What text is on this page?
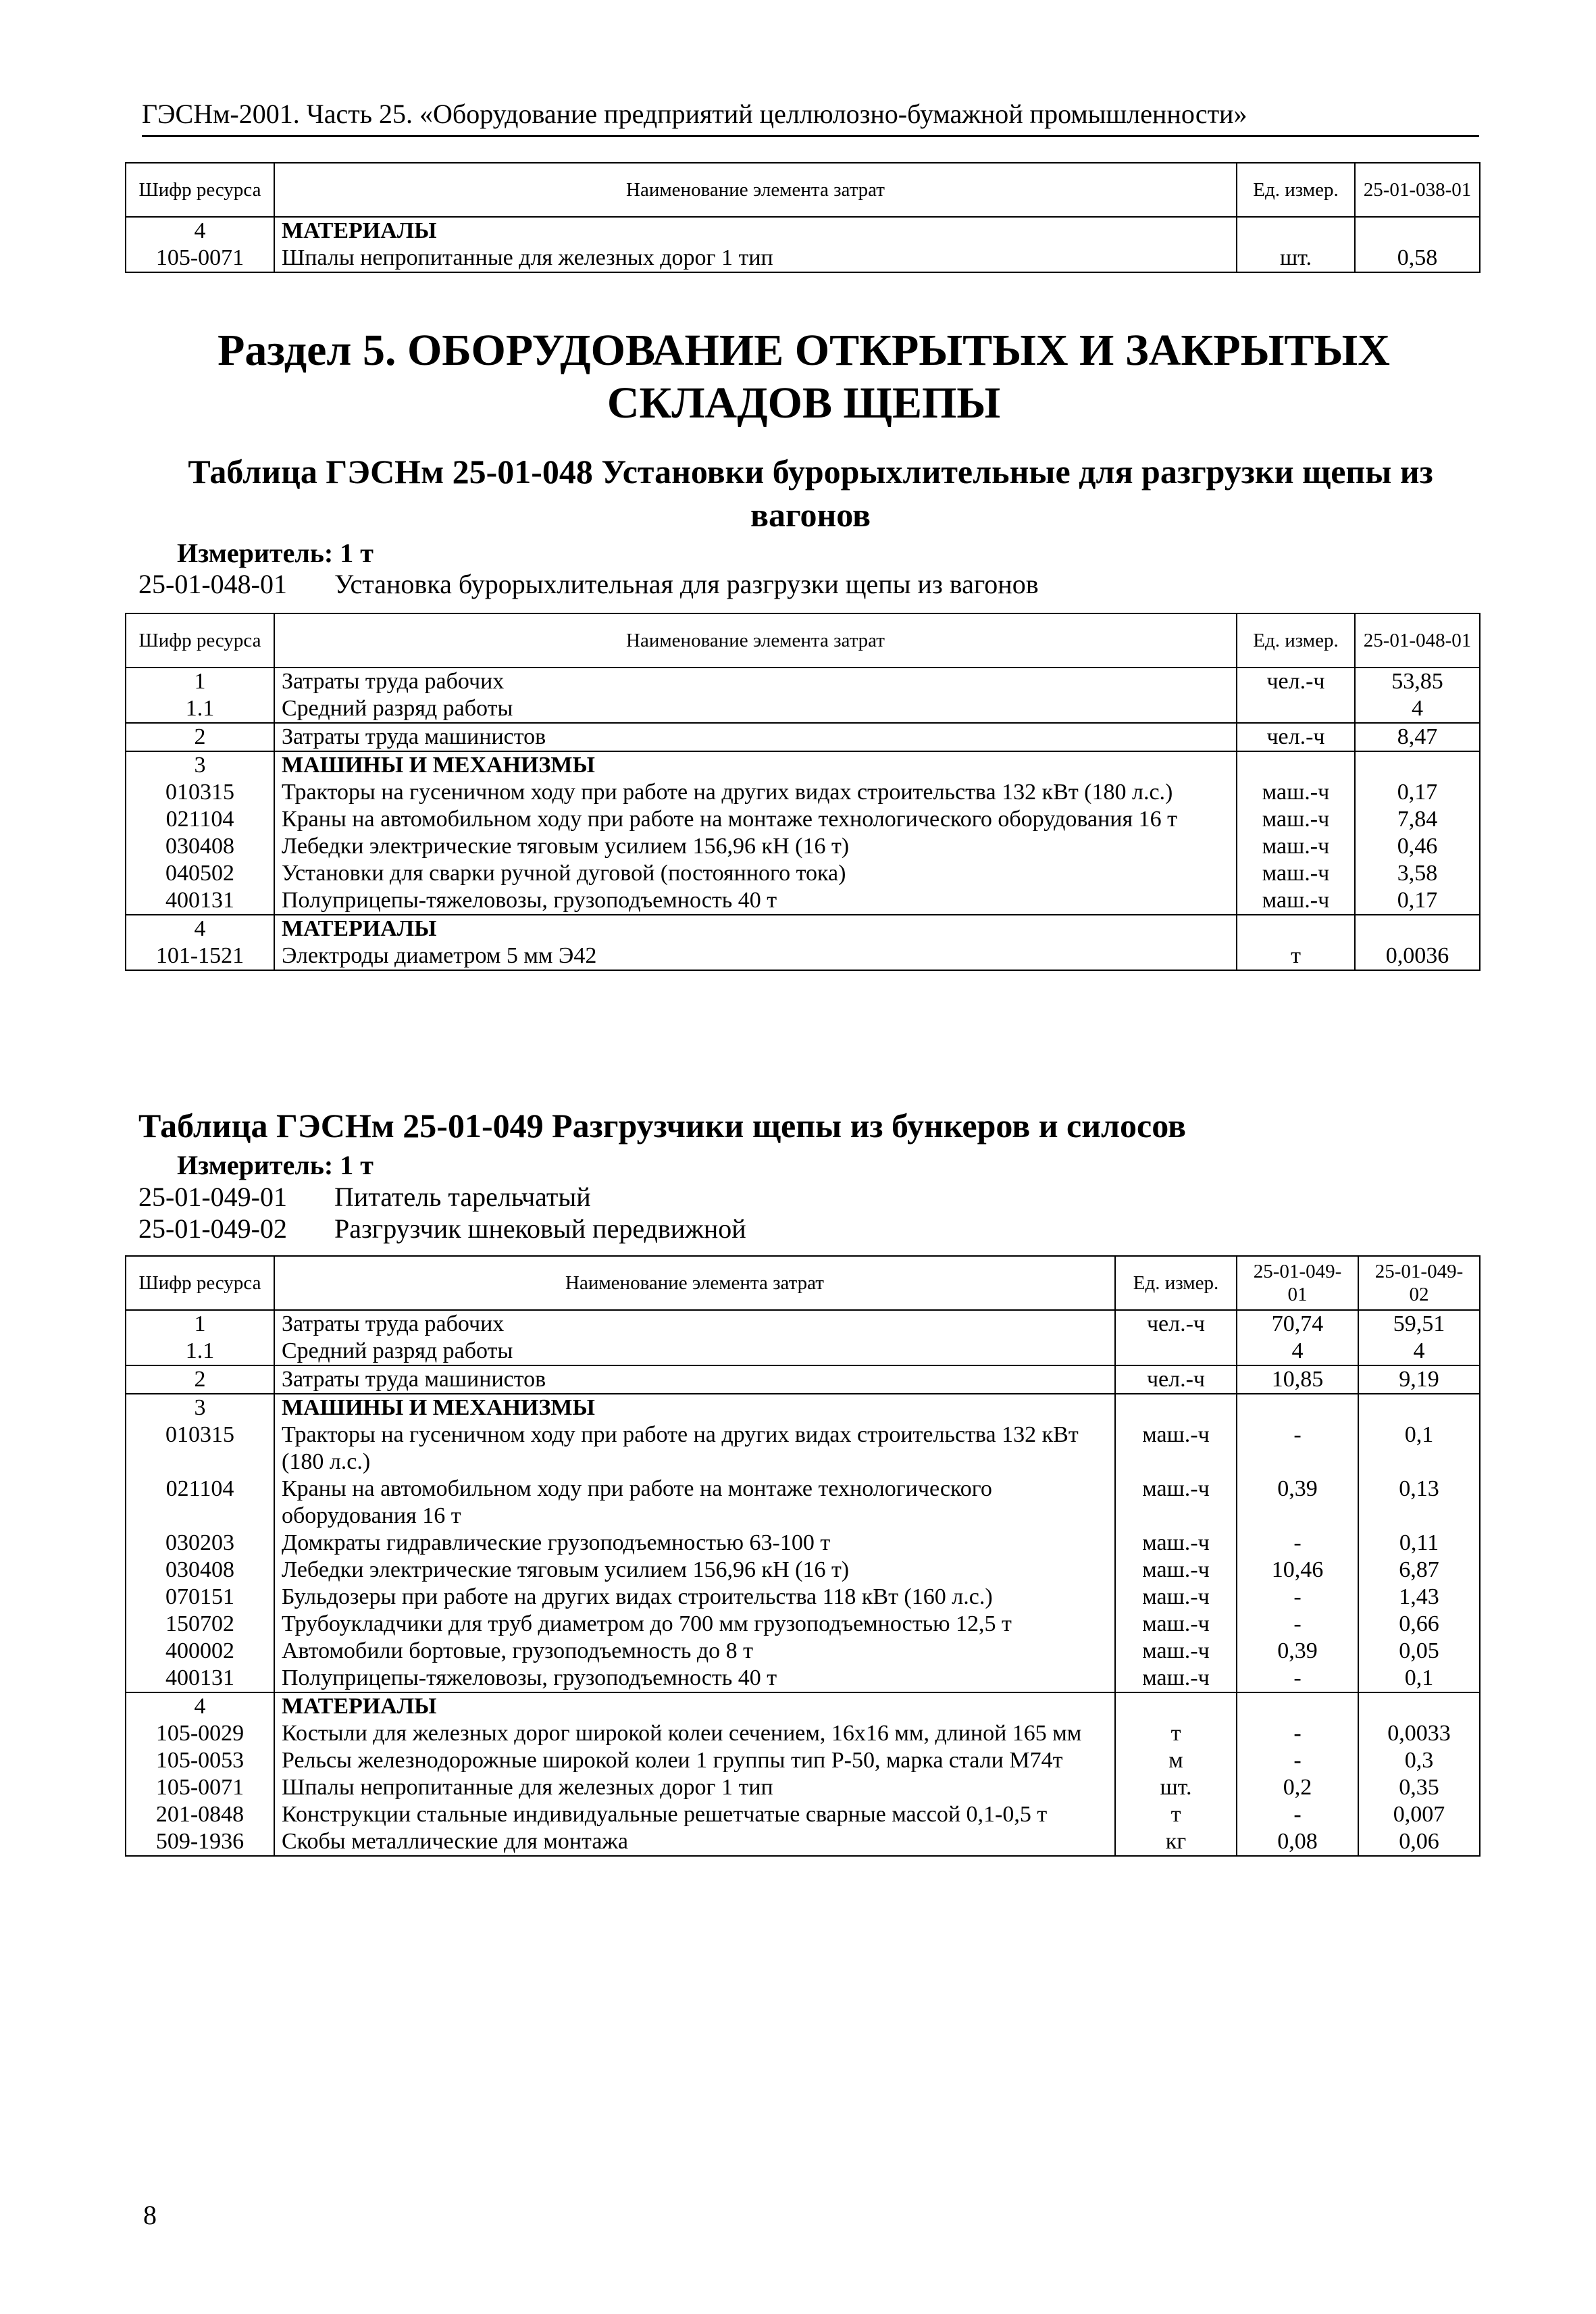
ГЭСНм-2001. Часть 25. «Оборудование предприятий целлюлозно-бумажной промышленности»
Шифр ресурса	Наименование элемента затрат	Ед. измер.	25-01-038-01
4	МАТЕРИАЛЫ		
105-0071	Шпалы непропитанные для железных дорог 1 тип	шт.	0,58
Раздел 5. ОБОРУДОВАНИЕ ОТКРЫТЫХ И ЗАКРЫТЫХ СКЛАДОВ ЩЕПЫ
Таблица ГЭСНм 25-01-048 Установки бурорыхлительные для разгрузки щепы из вагонов
Измеритель: 1 т
25-01-048-01 Установка бурорыхлительная для разгрузки щепы из вагонов
Шифр ресурса	Наименование элемента затрат	Ед. измер.	25-01-048-01
1	Затраты труда рабочих	чел.-ч	53,85
1.1	Средний разряд работы		4
2	Затраты труда машинистов	чел.-ч	8,47
3	МАШИНЫ И МЕХАНИЗМЫ		
010315	Тракторы на гусеничном ходу при работе на других видах строительства 132 кВт (180 л.с.)	маш.-ч	0,17
021104	Краны на автомобильном ходу при работе на монтаже технологического оборудования 16 т	маш.-ч	7,84
030408	Лебедки электрические тяговым усилием 156,96 кН (16 т)	маш.-ч	0,46
040502	Установки для сварки ручной дуговой (постоянного тока)	маш.-ч	3,58
400131	Полуприцепы-тяжеловозы, грузоподъемность 40 т	маш.-ч	0,17
4	МАТЕРИАЛЫ		
101-1521	Электроды диаметром 5 мм Э42	т	0,0036
Таблица ГЭСНм 25-01-049 Разгрузчики щепы из бункеров и силосов
Измеритель: 1 т
25-01-049-01 Питатель тарельчатый
25-01-049-02 Разгрузчик шнековый передвижной
Шифр ресурса	Наименование элемента затрат	Ед. измер.	25-01-049-01	25-01-049-02
1	Затраты труда рабочих	чел.-ч	70,74	59,51
1.1	Средний разряд работы		4	4
2	Затраты труда машинистов	чел.-ч	10,85	9,19
3	МАШИНЫ И МЕХАНИЗМЫ			
010315	Тракторы на гусеничном ходу при работе на других видах строительства 132 кВт (180 л.с.)	маш.-ч	-	0,1
021104	Краны на автомобильном ходу при работе на монтаже технологического оборудования 16 т	маш.-ч	0,39	0,13
030203	Домкраты гидравлические грузоподъемностью 63-100 т	маш.-ч	-	0,11
030408	Лебедки электрические тяговым усилием 156,96 кН (16 т)	маш.-ч	10,46	6,87
070151	Бульдозеры при работе на других видах строительства 118 кВт (160 л.с.)	маш.-ч	-	1,43
150702	Трубоукладчики для труб диаметром до 700 мм грузоподъемностью 12,5 т	маш.-ч	-	0,66
400002	Автомобили бортовые, грузоподъемность до 8 т	маш.-ч	0,39	0,05
400131	Полуприцепы-тяжеловозы, грузоподъемность 40 т	маш.-ч	-	0,1
4	МАТЕРИАЛЫ			
105-0029	Костыли для железных дорог широкой колеи сечением, 16х16 мм, длиной 165 мм	т	-	0,0033
105-0053	Рельсы железнодорожные широкой колеи 1 группы тип Р-50, марка стали М74т	м	-	0,3
105-0071	Шпалы непропитанные для железных дорог 1 тип	шт.	0,2	0,35
201-0848	Конструкции стальные индивидуальные решетчатые сварные массой 0,1-0,5 т	т	-	0,007
509-1936	Скобы металлические для монтажа	кг	0,08	0,06
8
